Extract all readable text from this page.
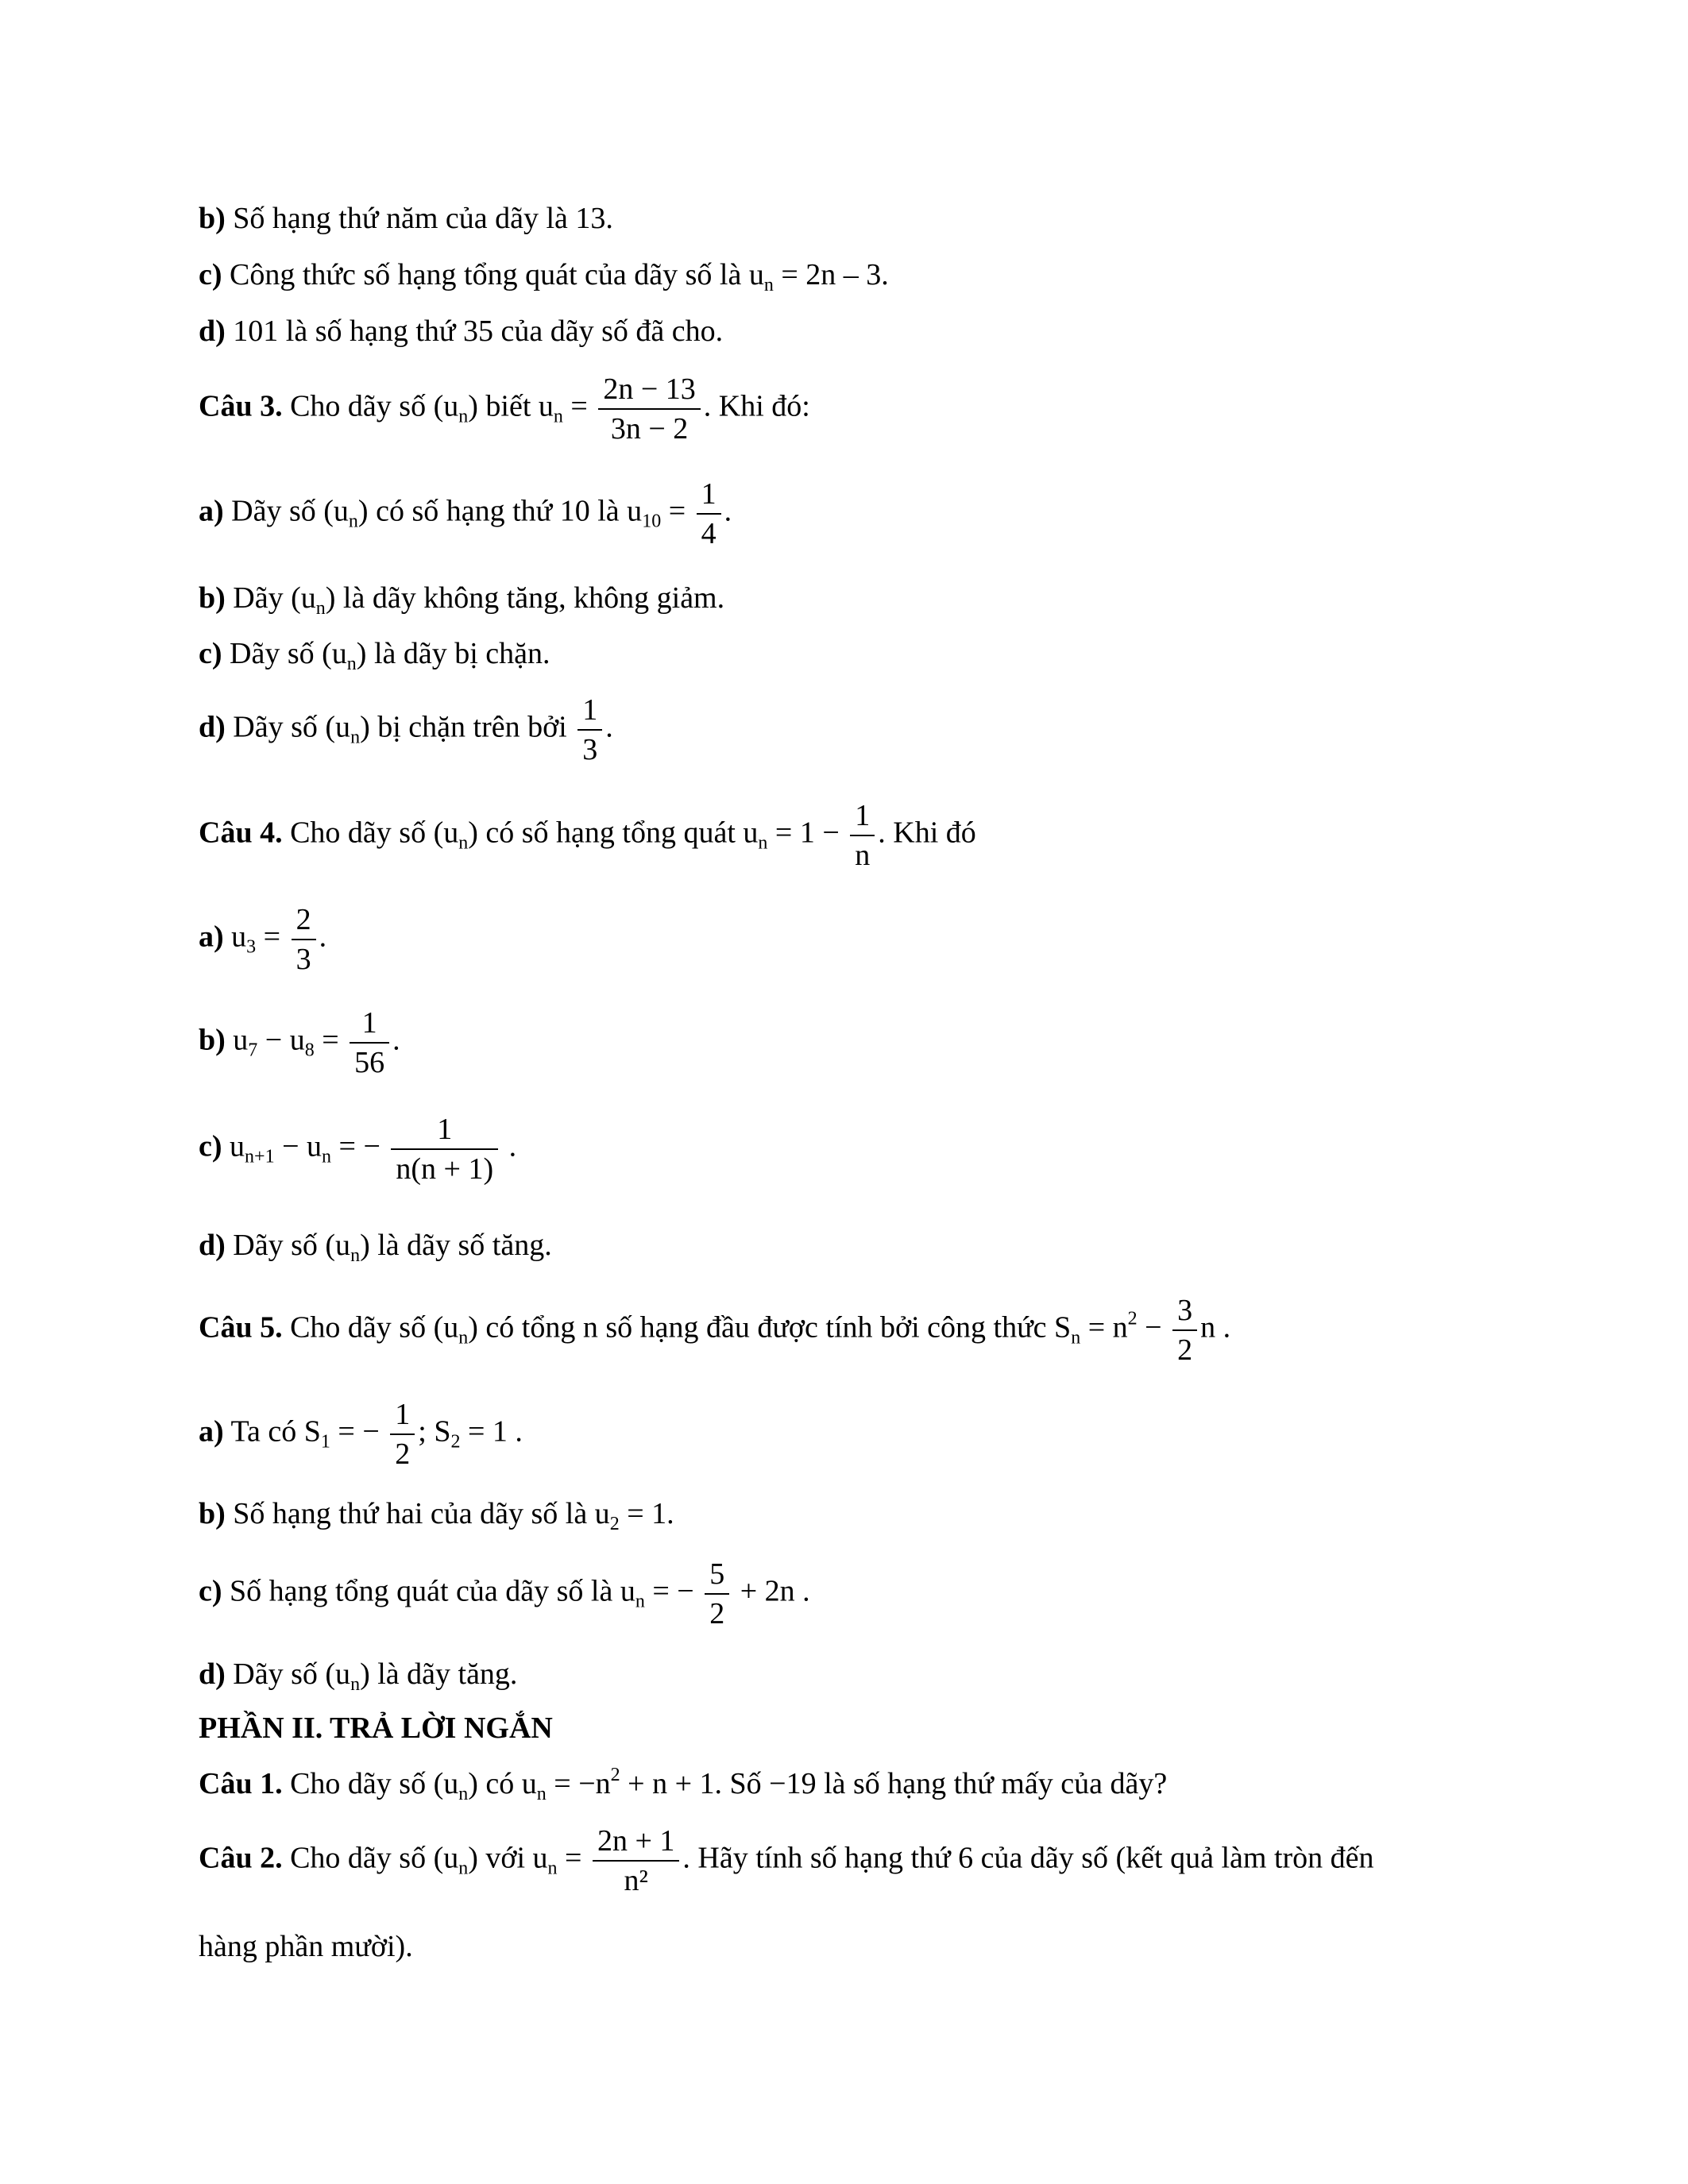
b) Số hạng thứ năm của dãy là 13.
c) Công thức số hạng tổng quát của dãy số là $u_n = 2n - 3$.
d) 101 là số hạng thứ 35 của dãy số đã cho.
Câu 3. Cho dãy số $(u_n)$ biết $u_n = \frac{2n - 13}{3n - 2}$ . Khi đó:
a) Dãy số $(u_n)$ có số hạng thứ 10 là $u_{10} = \frac{1}{4}$ .
b) Dãy $(u_n)$ là dãy không tăng, không giảm.
c) Dãy số $(u_n)$ là dãy bị chặn.
d) Dãy số $(u_n)$ bị chặn trên bởi $\frac{1}{3}$ .
Câu 4. Cho dãy số $(u_n)$ có số hạng tổng quát $u_n = 1 - \frac{1}{n}$ . Khi đó
a) $u_3 = \frac{2}{3}$ .
b) $u_7 - u_8 = \frac{1}{56}$ .
c) $u_{n+1} - u_n$ = − $\frac{1}{n(n + 1)}$ .
d) Dãy số $(u_n)$ là dãy số tăng.
Câu 5. Cho dãy số $(u_n)$ có tổng n số hạng đầu được tính bởi công thức $S_n = n^2 - \frac{3}{2}$ n .
a) Ta có $S_1$ = − $\frac{1}{2}$ ; $S_2 = 1$ .
b) Số hạng thứ hai của dãy số là $u_2 = 1$.
c) Số hạng tổng quát của dãy số là $u_n$ = − $\frac{5}{2} + 2n$ .
d) Dãy số $(u_n)$ là dãy tăng.
PHẦN II. TRẢ LỜI NGẮN
Câu 1. Cho dãy số $(u_n)$ có $u_n = -n^2 + n + 1$. Số −19 là số hạng thứ mấy của dãy?
Câu 2. Cho dãy số $(u_n)$ với $u_n = \frac{2n + 1}{\text{n²}}$ . Hãy tính số hạng thứ 6 của dãy số (kết quả làm tròn đến
hàng phần mười).
